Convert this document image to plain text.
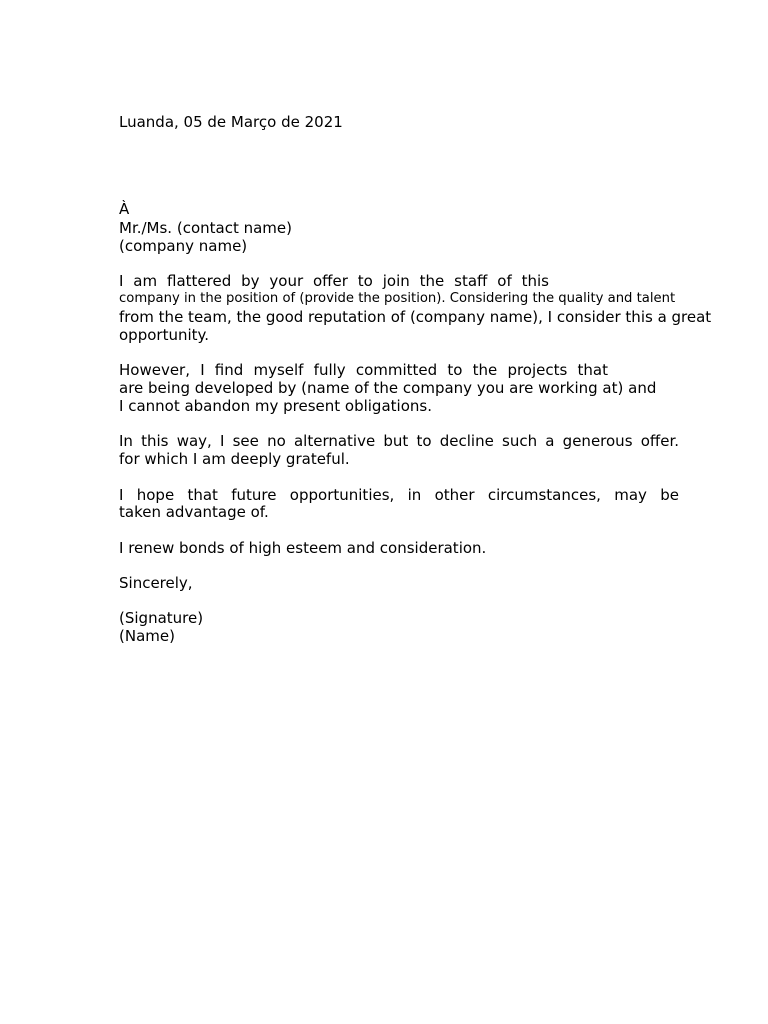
Luanda, 05 de Março de 2021

À

Mr./Ms. (contact name)

(company name)

I am flattered by your offer to join the staff of this

company in the position of (provide the position). Considering the quality and talent

from the team, the good reputation of (company name), I consider this a great

opportunity.

However, I find myself fully committed to the projects that

are being developed by (name of the company you are working at) and

I cannot abandon my present obligations.

In this way, I see no alternative but to decline such a generous offer.

for which I am deeply grateful.

I hope that future opportunities, in other circumstances, may be

taken advantage of.

I renew bonds of high esteem and consideration.

Sincerely,

(Signature)

(Name)
